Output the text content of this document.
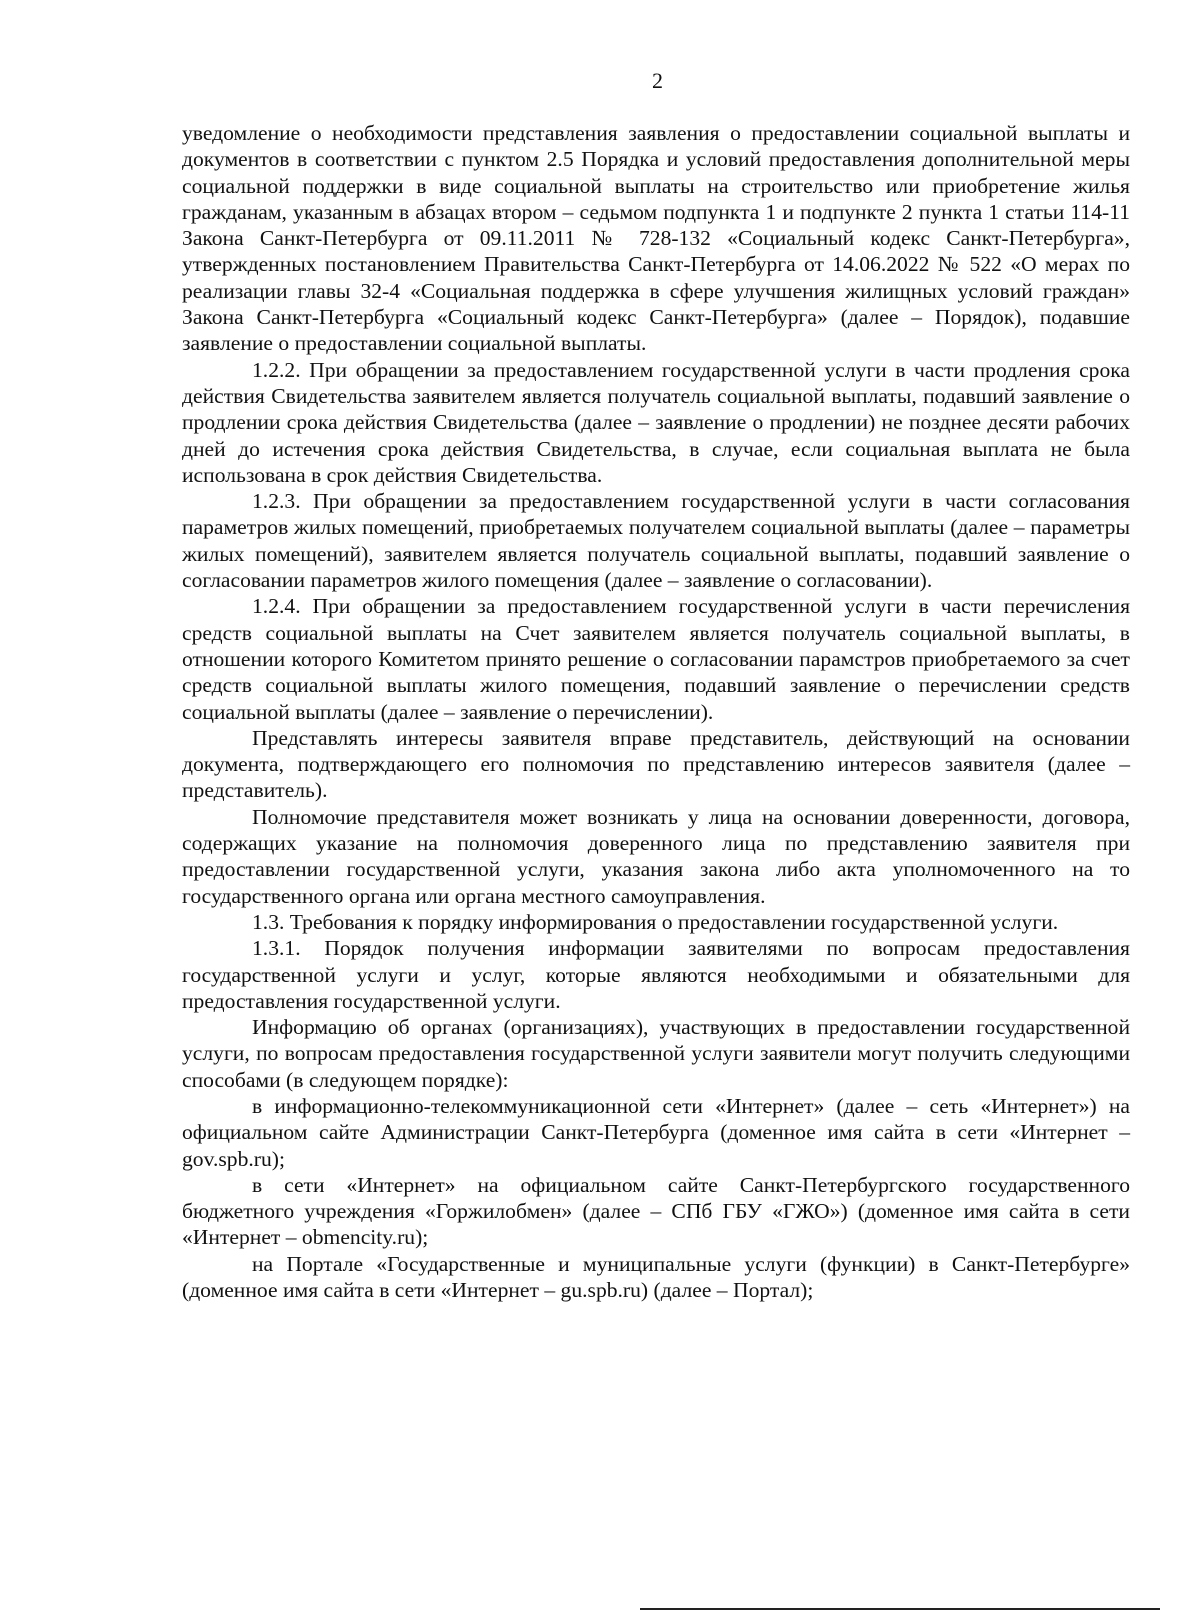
2

уведомление о необходимости представления заявления о предоставлении социальной выплаты и документов в соответствии с пунктом 2.5 Порядка и условий предоставления дополнительной меры социальной поддержки в виде социальной выплаты на строительство или приобретение жилья гражданам, указанным в абзацах втором – седьмом подпункта 1 и подпункте 2 пункта 1 статьи 114-11 Закона Санкт-Петербурга от 09.11.2011 № 728-132 «Социальный кодекс Санкт-Петербурга», утвержденных постановлением Правительства Санкт-Петербурга от 14.06.2022 № 522 «О мерах по реализации главы 32-4 «Социальная поддержка в сфере улучшения жилищных условий граждан» Закона Санкт-Петербурга «Социальный кодекс Санкт-Петербурга» (далее – Порядок), подавшие заявление о предоставлении социальной выплаты.

1.2.2. При обращении за предоставлением государственной услуги в части продления срока действия Свидетельства заявителем является получатель социальной выплаты, подавший заявление о продлении срока действия Свидетельства (далее – заявление о продлении) не позднее десяти рабочих дней до истечения срока действия Свидетельства, в случае, если социальная выплата не была использована в срок действия Свидетельства.

1.2.3. При обращении за предоставлением государственной услуги в части согласования параметров жилых помещений, приобретаемых получателем социальной выплаты (далее – параметры жилых помещений), заявителем является получатель социальной выплаты, подавший заявление о согласовании параметров жилого помещения (далее – заявление о согласовании).

1.2.4. При обращении за предоставлением государственной услуги в части перечисления средств социальной выплаты на Счет заявителем является получатель социальной выплаты, в отношении которого Комитетом принято решение о согласовании парамстров приобретаемого за счет средств социальной выплаты жилого помещения, подавший заявление о перечислении средств социальной выплаты (далее – заявление о перечислении).

Представлять интересы заявителя вправе представитель, действующий на основании документа, подтверждающего его полномочия по представлению интересов заявителя (далее – представитель).

Полномочие представителя может возникать у лица на основании доверенности, договора, содержащих указание на полномочия доверенного лица по представлению заявителя при предоставлении государственной услуги, указания закона либо акта уполномоченного на то государственного органа или органа местного самоуправления.

1.3. Требования к порядку информирования о предоставлении государственной услуги.

1.3.1. Порядок получения информации заявителями по вопросам предоставления государственной услуги и услуг, которые являются необходимыми и обязательными для предоставления государственной услуги.

Информацию об органах (организациях), участвующих в предоставлении государственной услуги, по вопросам предоставления государственной услуги заявители могут получить следующими способами (в следующем порядке):

в информационно-телекоммуникационной сети «Интернет» (далее – сеть «Интернет») на официальном сайте Администрации Санкт-Петербурга (доменное имя сайта в сети «Интернет – gov.spb.ru);

в сети «Интернет» на официальном сайте Санкт-Петербургского государственного бюджетного учреждения «Горжилобмен» (далее – СПб ГБУ «ГЖО») (доменное имя сайта в сети «Интернет – obmencity.ru);

на Портале «Государственные и муниципальные услуги (функции) в Санкт-Петербурге» (доменное имя сайта в сети «Интернет – gu.spb.ru) (далее – Портал);
